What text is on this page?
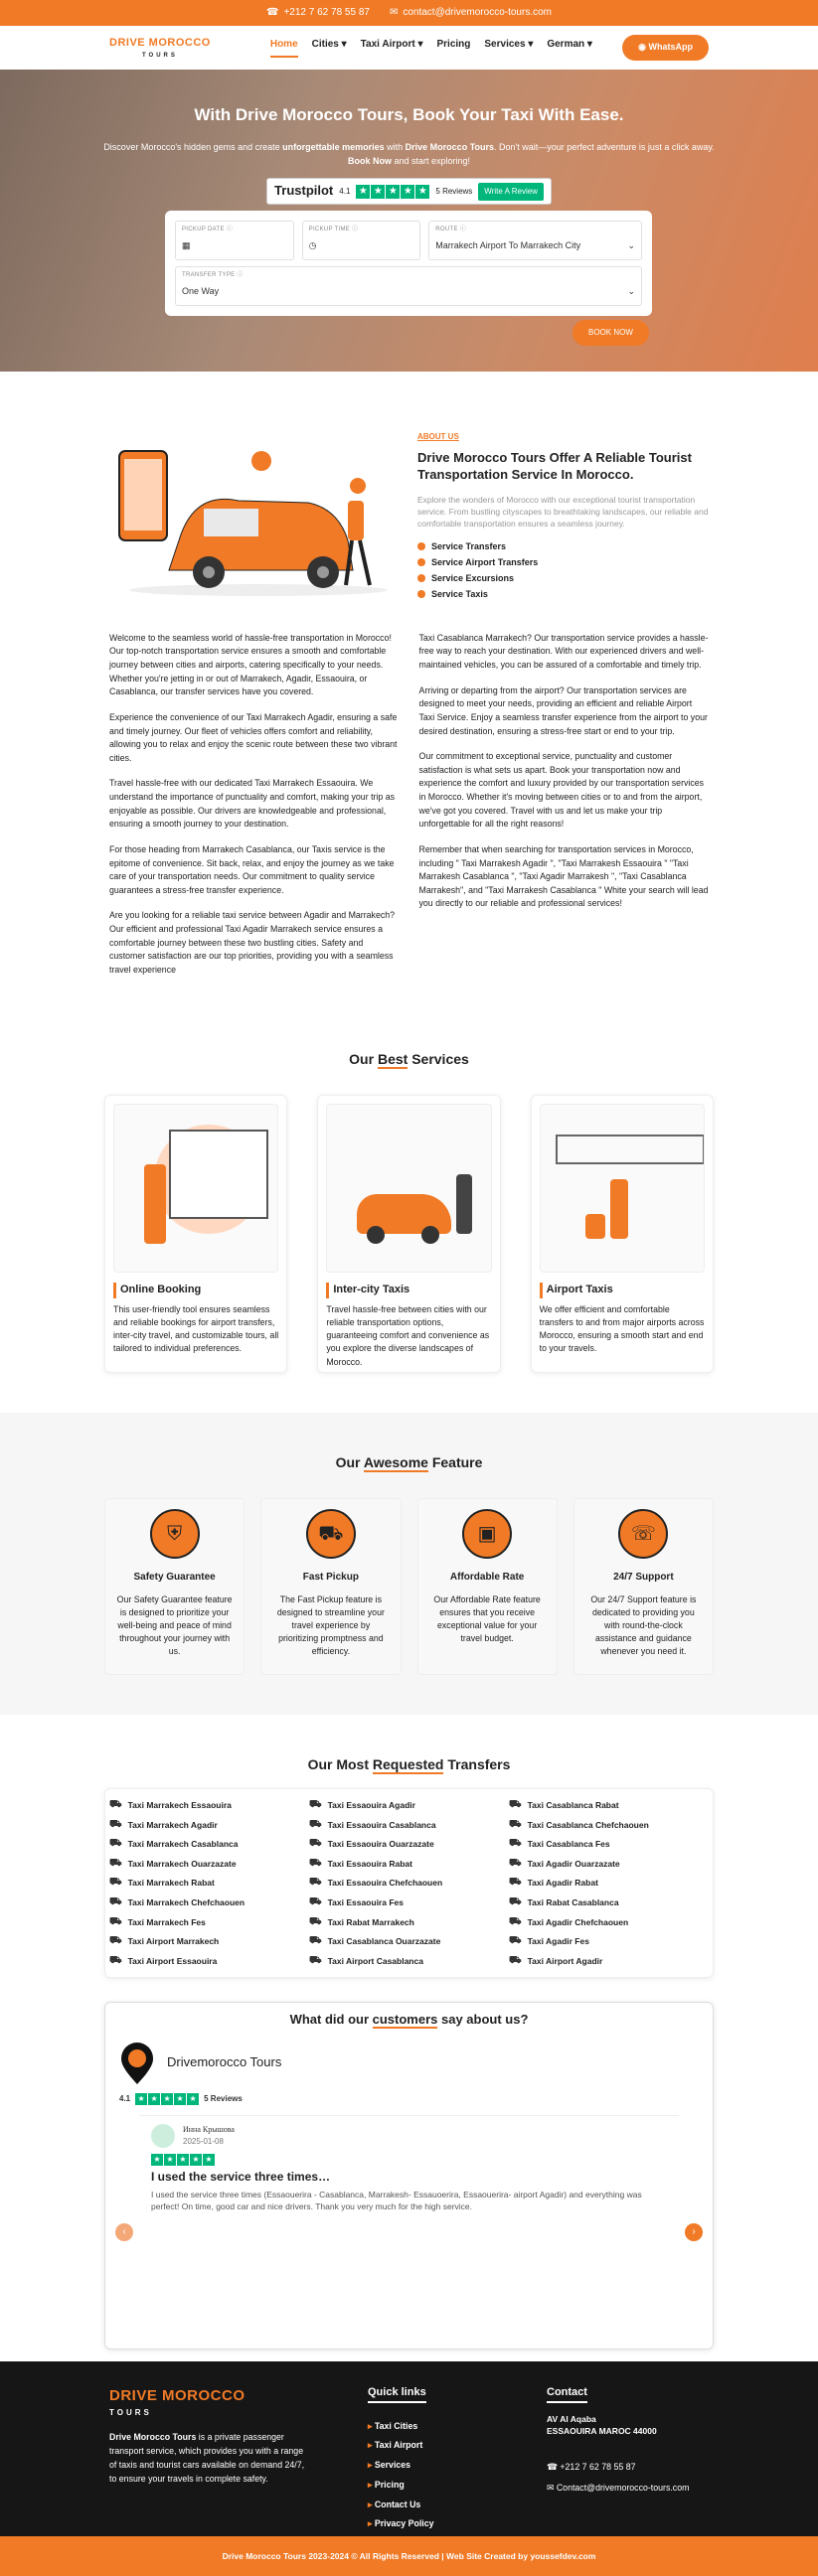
☎ +212 7 62 78 55 87 ✉ contact@drivemorocco-tours.com
DRIVE MOROCCO
TOURS
Home Cities ▾ Taxi Airport ▾ Pricing Services ▾ German ▾	◉ WhatsApp
With Drive Morocco Tours, Book Your Taxi With Ease.

Discover Morocco's hidden gems and create unforgettable memories with Drive Morocco Tours. Don't wait—your perfect adventure is just a click away. Book Now and start exploring!

Trustpilot 4.1 ★ ★ ★ ★ ★	5 Reviews	Write A Review
PICKUP DATE ⓘ
▦
PICKUP TIME ⓘ
◷
ROUTE ⓘ
Marrakech Airport To Marrakech City	⌄
TRANSFER TYPE ⓘ
One Way	⌄
BOOK NOW
ABOUT US
Drive Morocco Tours Offer A Reliable Tourist Transportation Service In Morocco.

Explore the wonders of Morocco with our exceptional tourist transportation service. From bustling cityscapes to breathtaking landscapes, our reliable and comfortable transportation ensures a seamless journey.

Service Transfers
Service Airport Transfers
Service Excursions
Service Taxis

Welcome to the seamless world of hassle-free transportation in Morocco! Our top-notch transportation service ensures a smooth and comfortable journey between cities and airports, catering specifically to your needs. Whether you're jetting in or out of Marrakech, Agadir, Essaouira, or Casablanca, our transfer services have you covered.

Experience the convenience of our Taxi Marrakech Agadir, ensuring a safe and timely journey. Our fleet of vehicles offers comfort and reliability, allowing you to relax and enjoy the scenic route between these two vibrant cities.

Travel hassle-free with our dedicated Taxi Marrakech Essaouira. We understand the importance of punctuality and comfort, making your trip as enjoyable as possible. Our drivers are knowledgeable and professional, ensuring a smooth journey to your destination.

For those heading from Marrakech Casablanca, our Taxis service is the epitome of convenience. Sit back, relax, and enjoy the journey as we take care of your transportation needs. Our commitment to quality service guarantees a stress-free transfer experience.

Are you looking for a reliable taxi service between Agadir and Marrakech? Our efficient and professional Taxi Agadir Marrakech service ensures a comfortable journey between these two bustling cities. Safety and customer satisfaction are our top priorities, providing you with a seamless travel experience

Taxi Casablanca Marrakech? Our transportation service provides a hassle-free way to reach your destination. With our experienced drivers and well-maintained vehicles, you can be assured of a comfortable and timely trip.

Arriving or departing from the airport? Our transportation services are designed to meet your needs, providing an efficient and reliable Airport Taxi Service. Enjoy a seamless transfer experience from the airport to your desired destination, ensuring a stress-free start or end to your trip.

Our commitment to exceptional service, punctuality and customer satisfaction is what sets us apart. Book your transportation now and experience the comfort and luxury provided by our transportation services in Morocco. Whether it's moving between cities or to and from the airport, we've got you covered. Travel with us and let us make your trip unforgettable for all the right reasons!

Remember that when searching for transportation services in Morocco, including " Taxi Marrakesh Agadir ", "Taxi Marrakesh Essaouira " "Taxi Marrakesh Casablanca ", "Taxi Agadir Marrakesh ", "Taxi Casablanca Marrakesh", and "Taxi Marrakesh Casablanca " White your search will lead you directly to our reliable and professional services!

Our Best Services
Online Booking

This user-friendly tool ensures seamless and reliable bookings for airport transfers, inter-city travel, and customizable tours, all tailored to individual preferences.

Inter-city Taxis

Travel hassle-free between cities with our reliable transportation options, guaranteeing comfort and convenience as you explore the diverse landscapes of Morocco.

Airport Taxis

We offer efficient and comfortable transfers to and from major airports across Morocco, ensuring a smooth start and end to your travels.

Our Awesome Feature
⛨
Safety Guarantee

Our Safety Guarantee feature is designed to prioritize your well-being and peace of mind throughout your journey with us.

⛟
Fast Pickup

The Fast Pickup feature is designed to streamline your travel experience by prioritizing promptness and efficiency.

▣
Affordable Rate

Our Affordable Rate feature ensures that you receive exceptional value for your travel budget.

☏
24/7 Support

Our 24/7 Support feature is dedicated to providing you with round-the-clock assistance and guidance whenever you need it.

Our Most Requested Transfers
⛟ Taxi Marrakech Essaouira
⛟ Taxi Marrakech Agadir
⛟ Taxi Marrakech Casablanca
⛟ Taxi Marrakech Ouarzazate
⛟ Taxi Marrakech Rabat
⛟ Taxi Marrakech Chefchaouen
⛟ Taxi Marrakech Fes
⛟ Taxi Airport Marrakech
⛟ Taxi Airport Essaouira
⛟ Taxi Essaouira Agadir
⛟ Taxi Essaouira Casablanca
⛟ Taxi Essaouira Ouarzazate
⛟ Taxi Essaouira Rabat
⛟ Taxi Essaouira Chefchaouen
⛟ Taxi Essaouira Fes
⛟ Taxi Rabat Marrakech
⛟ Taxi Casablanca Ouarzazate
⛟ Taxi Airport Casablanca
⛟ Taxi Casablanca Rabat
⛟ Taxi Casablanca Chefchaouen
⛟ Taxi Casablanca Fes
⛟ Taxi Agadir Ouarzazate
⛟ Taxi Agadir Rabat
⛟ Taxi Rabat Casablanca
⛟ Taxi Agadir Chefchaouen
⛟ Taxi Agadir Fes
⛟ Taxi Airport Agadir
What did our customers say about us?
Drivemorocco Tours
4.1 ★ ★ ★ ★ ★ 5 Reviews
Инна Крышова
2025-01-08
★ ★ ★ ★ ★
I used the service three times…

I used the service three times (Essaouerira - Casablanca, Marrakesh- Essauoerira, Essaouerira- airport Agadir) and everything was perfect! On time, good car and nice drivers. Thank you very much for the high service.

‹	›
DRIVE MOROCCO
TOURS

Drive Morocco Tours is a private passenger transport service, which provides you with a range of taxis and tourist cars available on demand 24/7, to ensure your travels in complete safety.

Quick links
▸ Taxi Cities
▸ Taxi Airport
▸ Services
▸ Pricing
▸ Contact Us
▸ Privacy Policy
Contact
AV Al Aqaba
ESSAOUIRA MAROC 44000
☎ +212 7 62 78 55 87
✉ Contact@drivemorocco-tours.com
Drive Morocco Tours 2023-2024 © All Rights Reserved | Web Site Created by youssefdev.com
